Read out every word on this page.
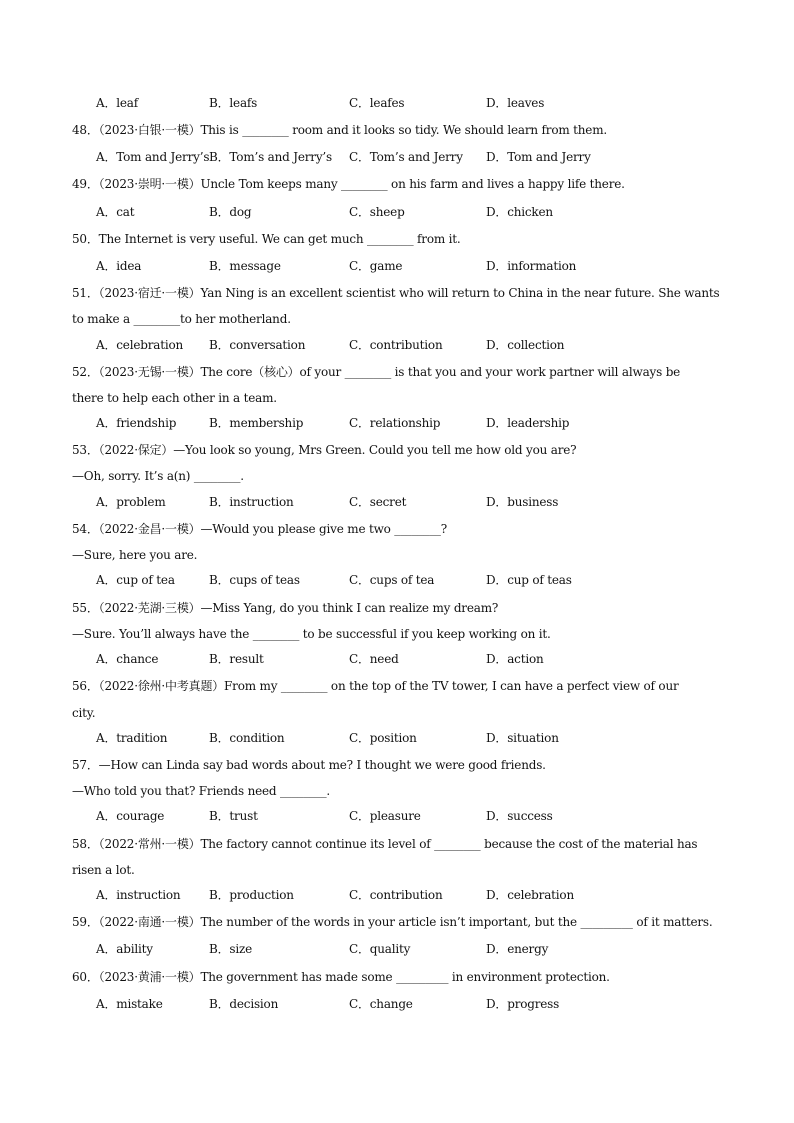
A．leaf	B．leafs	C．leafes	D．leaves
48．（2023·白银·一模）This is ________ room and it looks so tidy. We should learn from them.
A．Tom and Jerry’s B．Tom’s and Jerry’s C．Tom’s and Jerry D．Tom and Jerry
49．（2023·崇明·一模）Uncle Tom keeps many ________ on his farm and lives a happy life there.
A．cat	B．dog	C．sheep	D．chicken
50．The Internet is very useful. We can get much ________ from it.
A．idea	B．message	C．game	D．information
51．（2023·宿迁·一模）Yan Ning is an excellent scientist who will return to China in the near future. She wants
to make a ________to her motherland.
A．celebration B．conversation	C．contribution	D．collection
52．（2023·无锡·一模）The core（核心）of your ________ is that you and your work partner will always be
there to help each other in a team.
A．friendship	B．membership	C．relationship	D．leadership
53．（2022·保定）—You look so young, Mrs Green. Could you tell me how old you are?
—Oh, sorry. It’s a(n) ________.
A．problem	B．instruction	C．secret	D．business
54．（2022·金昌·一模）—Would you please give me two ________?
—Sure, here you are.
A．cup of tea	B．cups of teas	C．cups of tea	D．cup of teas
55．（2022·芜湖·三模）—Miss Yang, do you think I can realize my dream?
—Sure. You’ll always have the ________ to be successful if you keep working on it.
A．chance	B．result	C．need	D．action
56．（2022·徐州·中考真题）From my ________ on the top of the TV tower, I can have a perfect view of our
city.
A．tradition	B．condition	C．position	D．situation
57．—How can Linda say bad words about me? I thought we were good friends.
—Who told you that? Friends need ________.
A．courage	B．trust	C．pleasure	D．success
58．（2022·常州·一模）The factory cannot continue its level of ________ because the cost of the material has
risen a lot.
A．instruction B．production	C．contribution	D．celebration
59．（2022·南通·一模）The number of the words in your article isn’t important, but the _________ of it matters.
A．ability	B．size	C．quality	D．energy
60．（2023·黄浦·一模）The government has made some _________ in environment protection.
A．mistake	B．decision	C．change	D．progress
